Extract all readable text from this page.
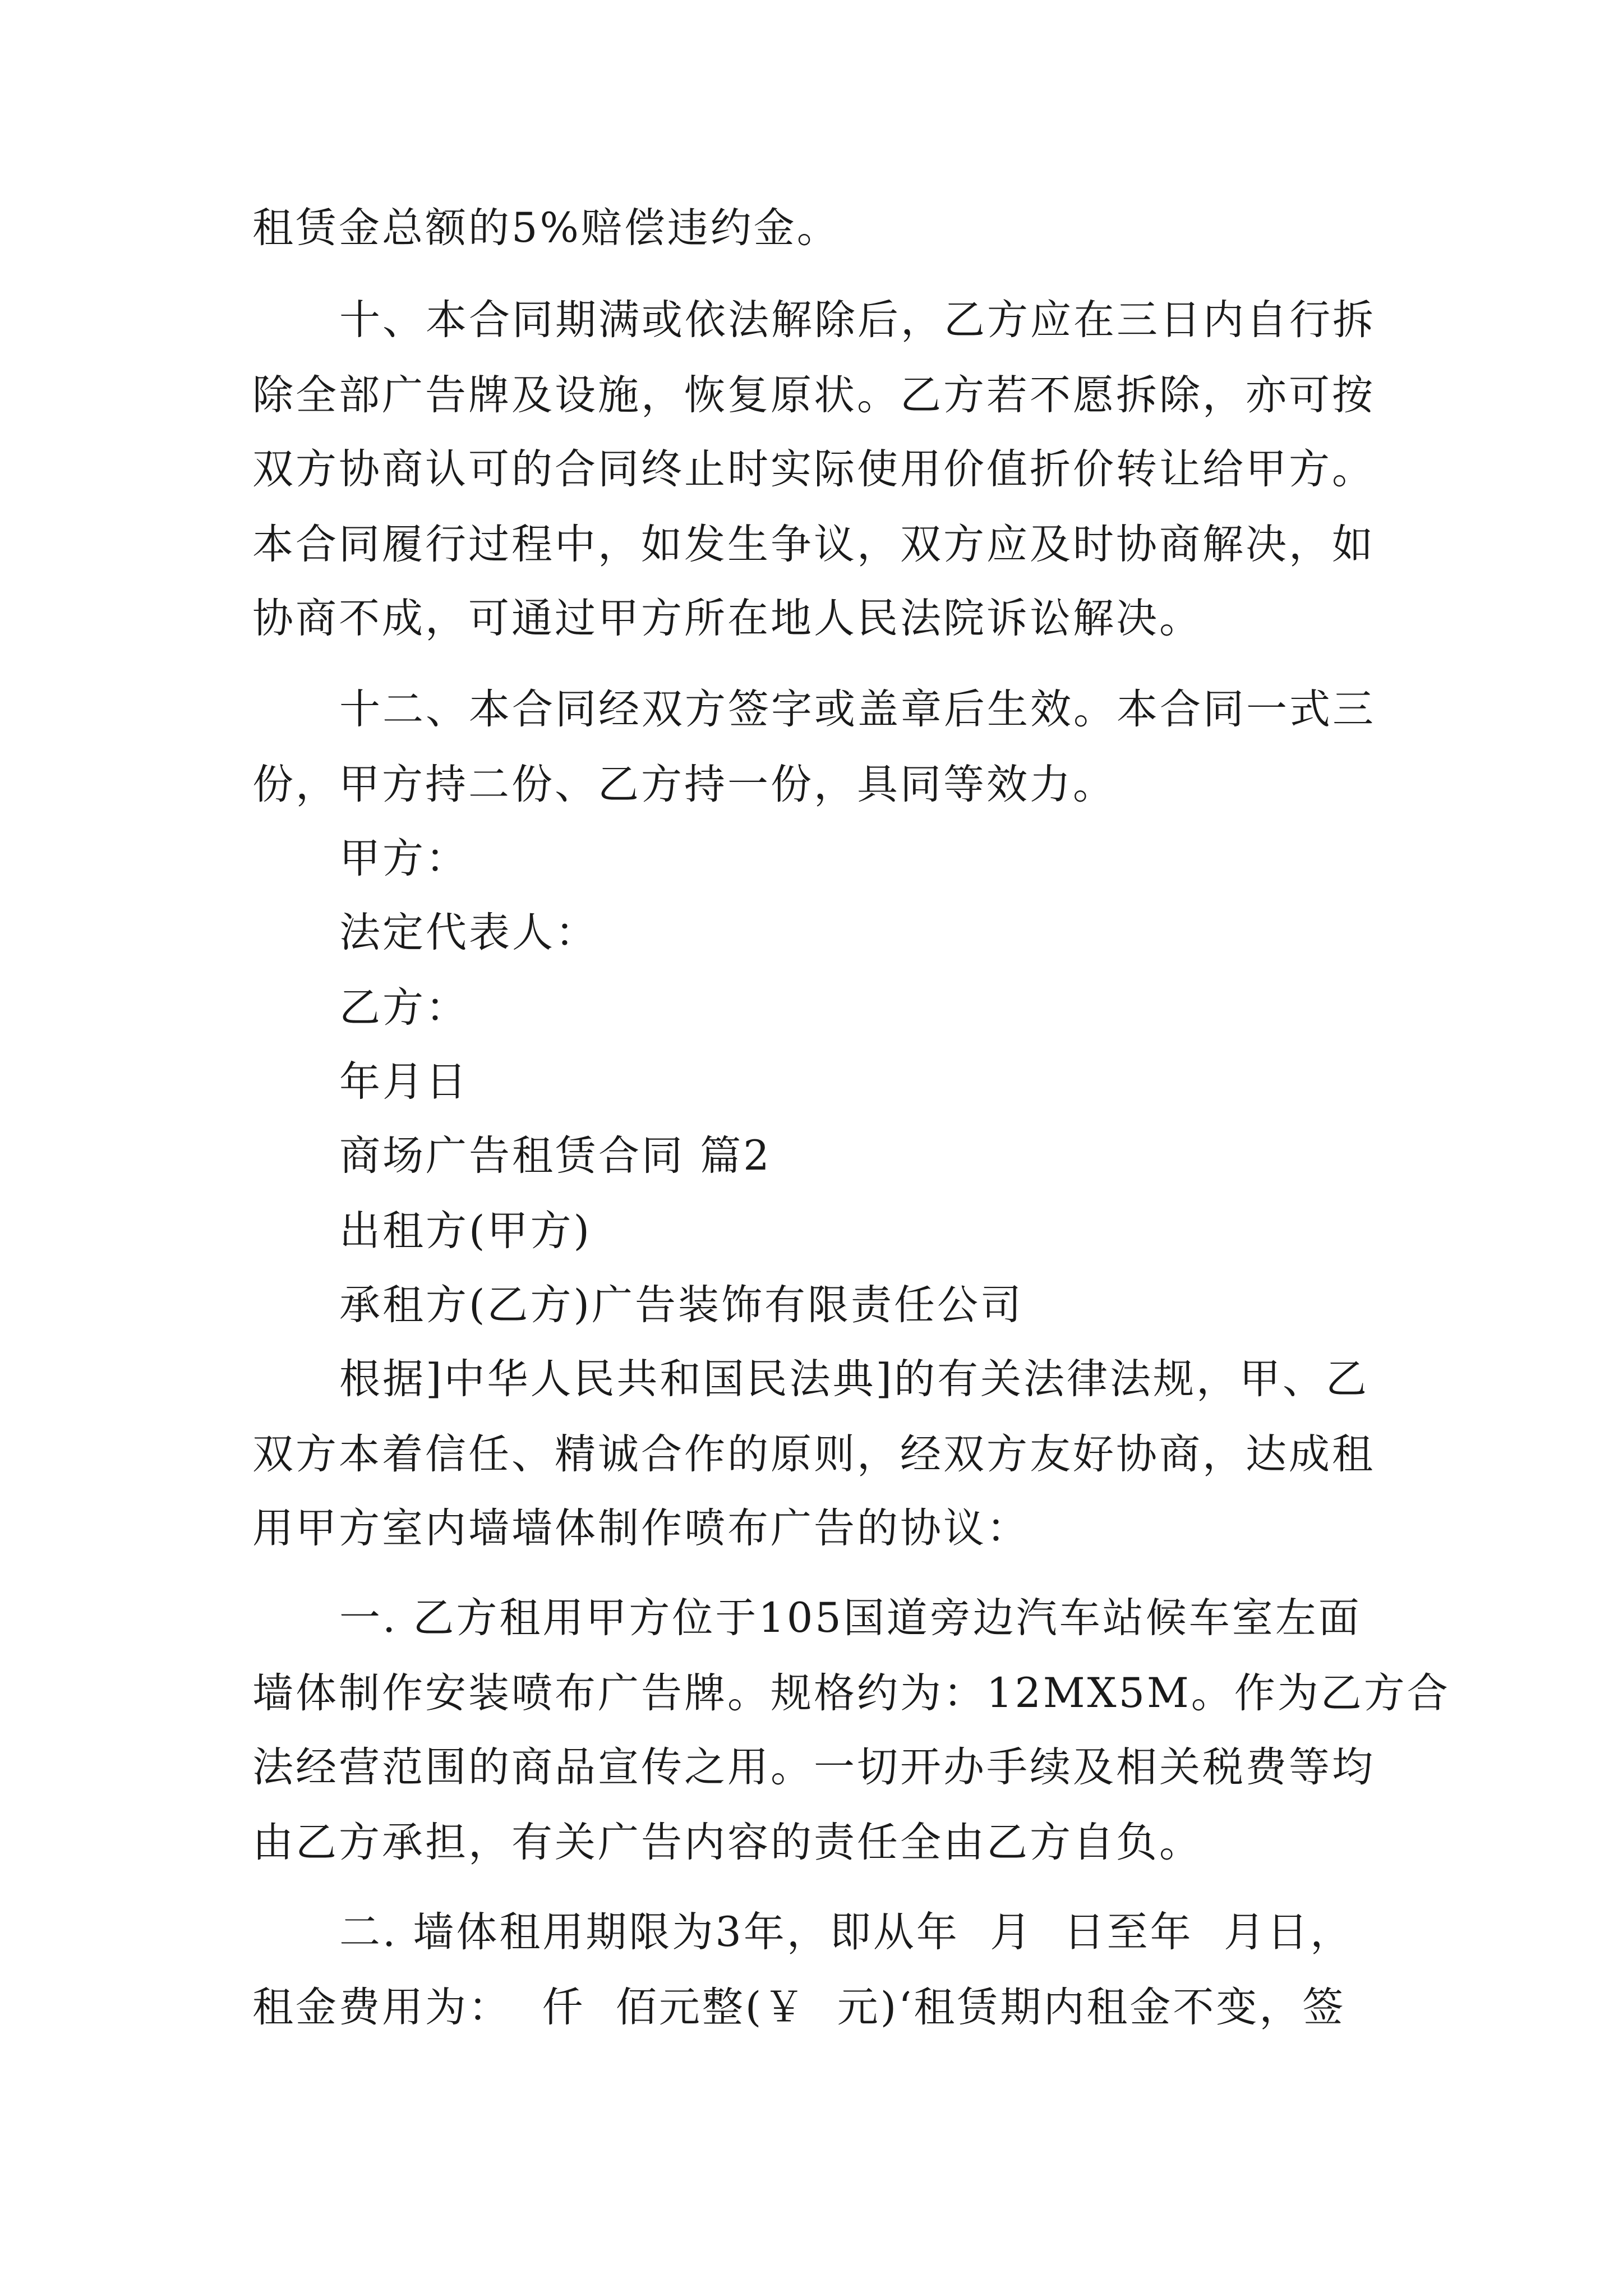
租赁金总额的5%赔偿违约金。

十、本合同期满或依法解除后，乙方应在三日内自行拆

除全部广告牌及设施，恢复原状。乙方若不愿拆除，亦可按

双方协商认可的合同终止时实际使用价值折价转让给甲方。

本合同履行过程中，如发生争议，双方应及时协商解决，如

协商不成，可通过甲方所在地人民法院诉讼解决。

十二、本合同经双方签字或盖章后生效。本合同一式三

份，甲方持二份、乙方持一份，具同等效力。

甲方：

法定代表人：

乙方：

年月日

商场广告租赁合同 篇2

出租方(甲方)

承租方(乙方)广告装饰有限责任公司

根据]中华人民共和国民法典]的有关法律法规，甲、乙

双方本着信任、精诚合作的原则，经双方友好协商，达成租

用甲方室内墙墙体制作喷布广告的协议：

一. 乙方租用甲方位于105国道旁边汽车站候车室左面

墙体制作安装喷布广告牌。规格约为：12MX5M。作为乙方合

法经营范围的商品宣传之用。一切开办手续及相关税费等均

由乙方承担，有关广告内容的责任全由乙方自负。

二. 墙体租用期限为3年，即从年  月  日至年  月日，

租金费用为：  仟  佰元整(￥  元)‘租赁期内租金不变，签
